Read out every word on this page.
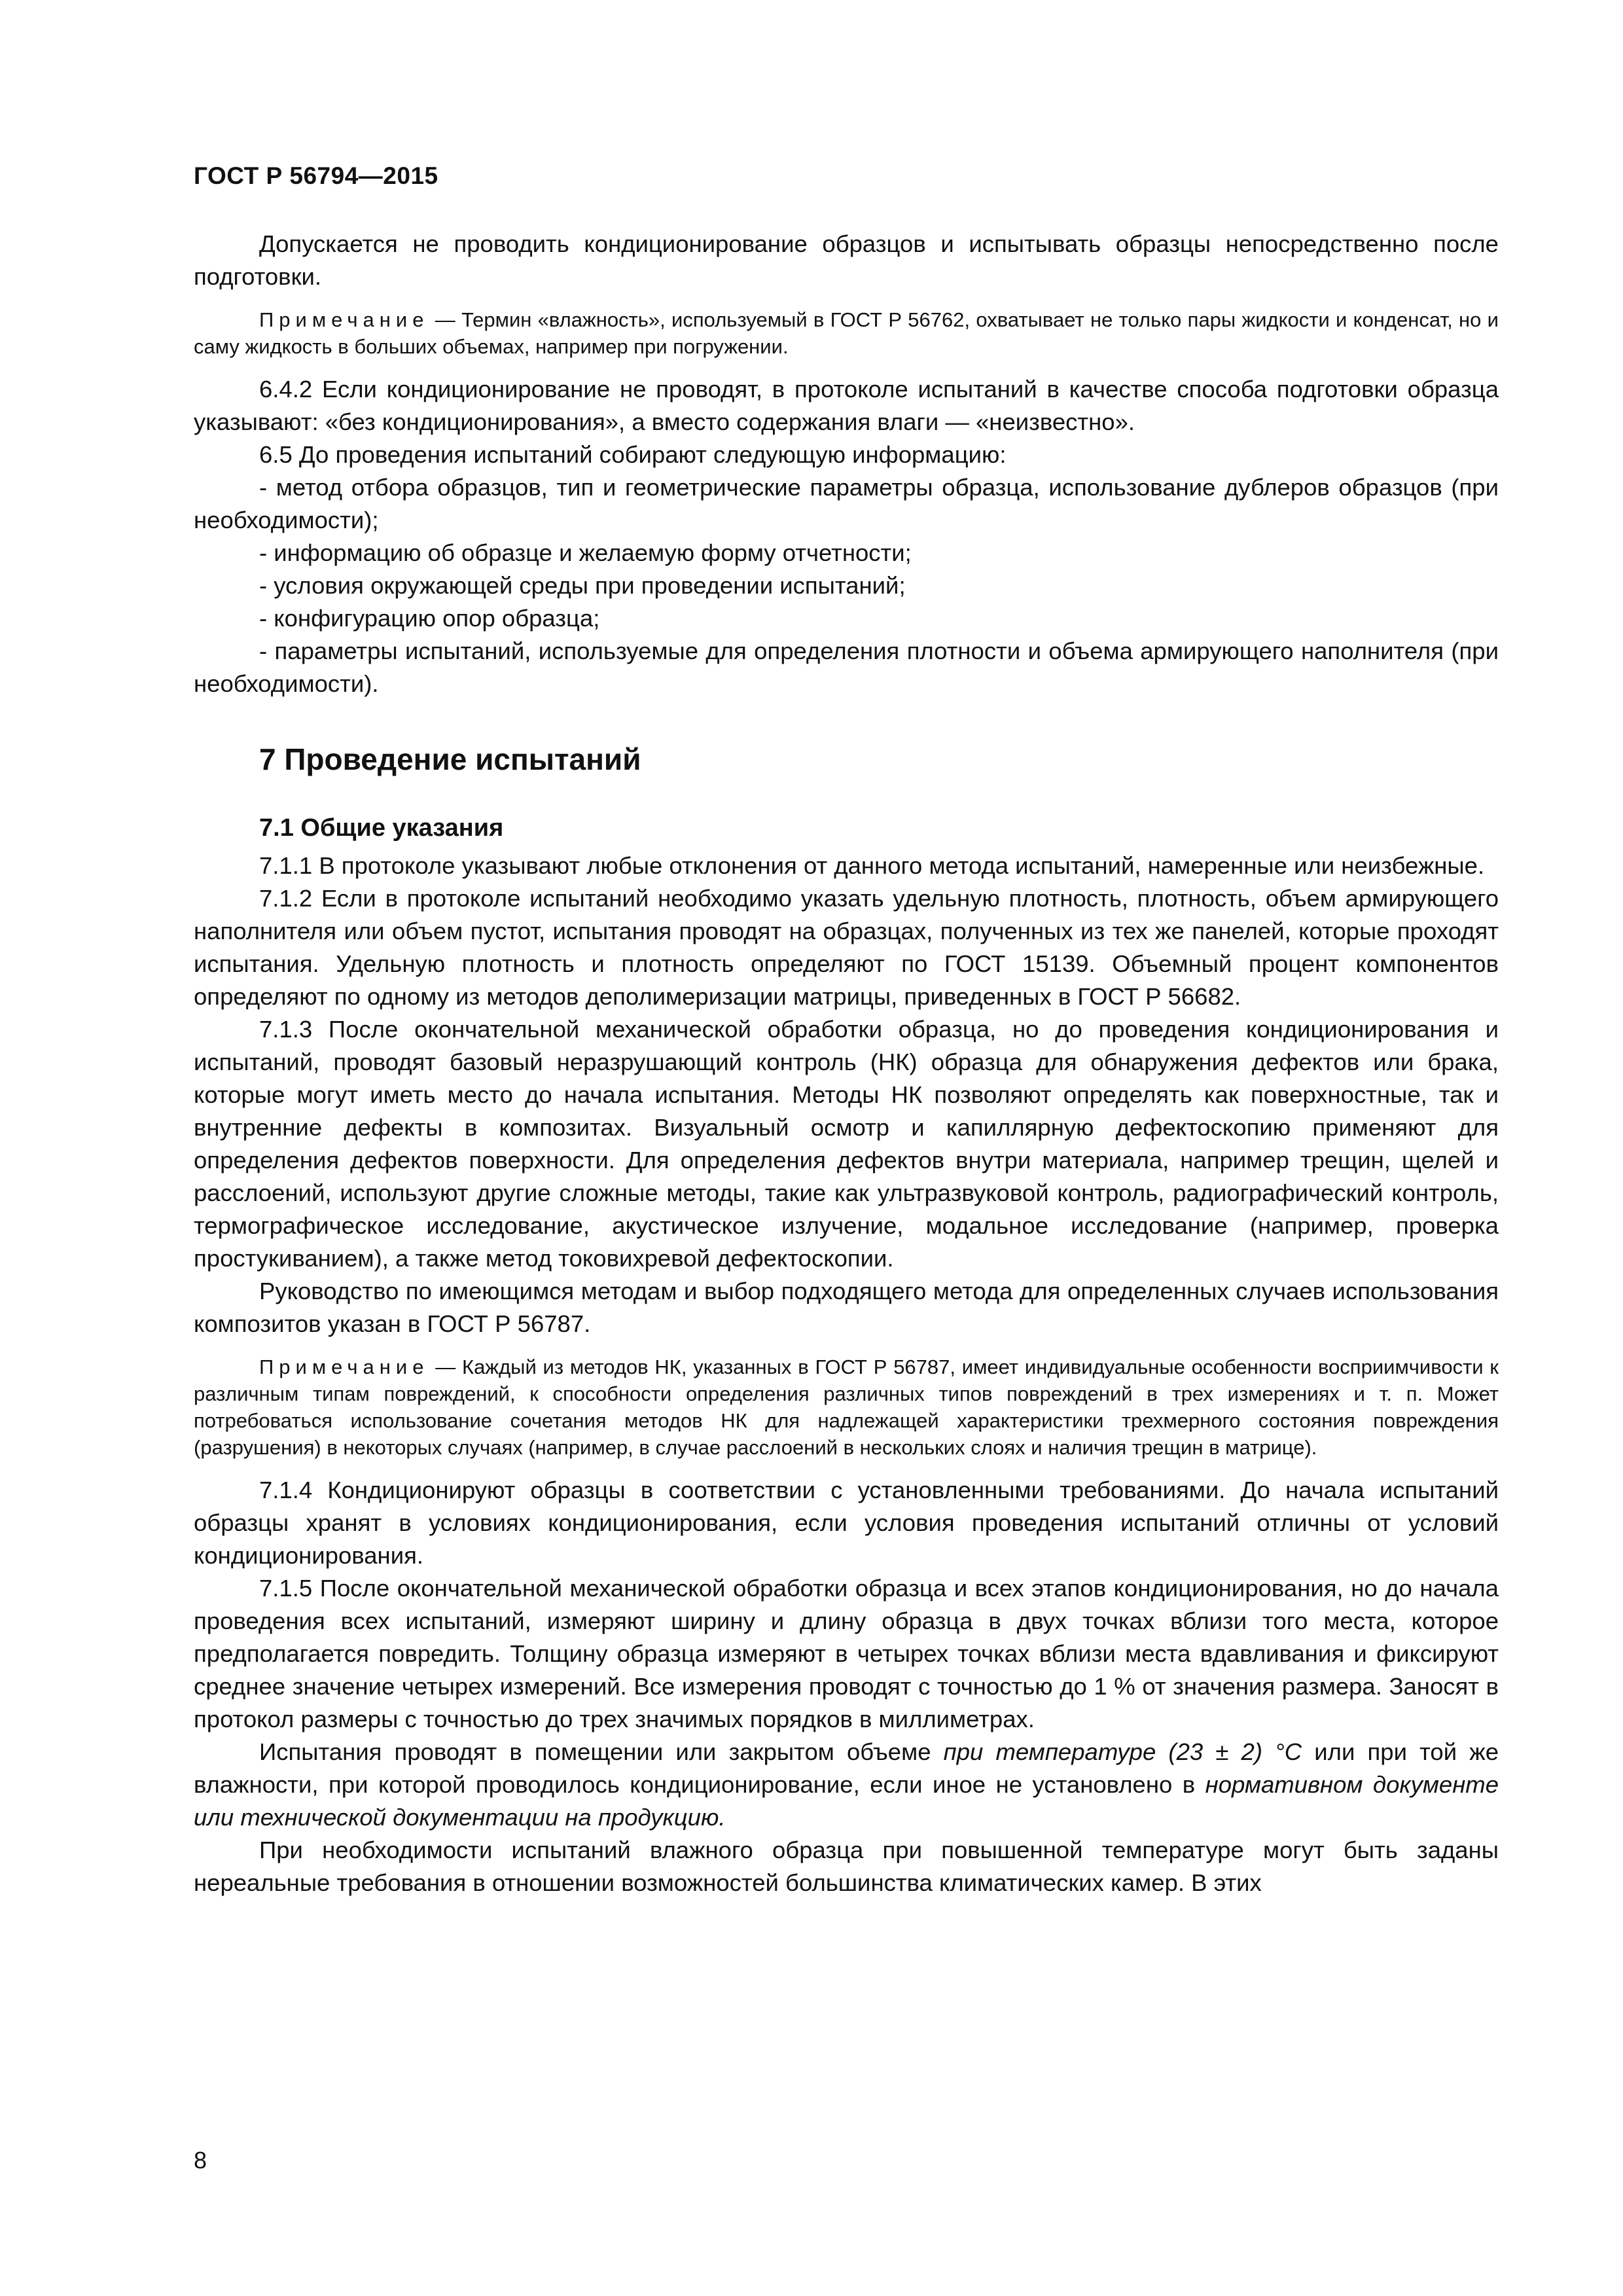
ГОСТ Р 56794—2015

Допускается не проводить кондиционирование образцов и испытывать образцы непосредственно после подготовки.

Примечание — Термин «влажность», используемый в ГОСТ Р 56762, охватывает не только пары жидкости и конденсат, но и саму жидкость в больших объемах, например при погружении.

6.4.2 Если кондиционирование не проводят, в протоколе испытаний в качестве способа подготовки образца указывают: «без кондиционирования», а вместо содержания влаги — «неизвестно».

6.5 До проведения испытаний собирают следующую информацию:

- метод отбора образцов, тип и геометрические параметры образца, использование дублеров образцов (при необходимости);

- информацию об образце и желаемую форму отчетности;

- условия окружающей среды при проведении испытаний;

- конфигурацию опор образца;

- параметры испытаний, используемые для определения плотности и объема армирующего наполнителя (при необходимости).

7 Проведение испытаний
7.1 Общие указания

7.1.1 В протоколе указывают любые отклонения от данного метода испытаний, намеренные или неизбежные.

7.1.2 Если в протоколе испытаний необходимо указать удельную плотность, плотность, объем армирующего наполнителя или объем пустот, испытания проводят на образцах, полученных из тех же панелей, которые проходят испытания. Удельную плотность и плотность определяют по ГОСТ 15139. Объемный процент компонентов определяют по одному из методов деполимеризации матрицы, приведенных в ГОСТ Р 56682.

7.1.3 После окончательной механической обработки образца, но до проведения кондиционирования и испытаний, проводят базовый неразрушающий контроль (НК) образца для обнаружения дефектов или брака, которые могут иметь место до начала испытания. Методы НК позволяют определять как поверхностные, так и внутренние дефекты в композитах. Визуальный осмотр и капиллярную дефектоскопию применяют для определения дефектов поверхности. Для определения дефектов внутри материала, например трещин, щелей и расслоений, используют другие сложные методы, такие как ультразвуковой контроль, радиографический контроль, термографическое исследование, акустическое излучение, модальное исследование (например, проверка простукиванием), а также метод токовихревой дефектоскопии.

Руководство по имеющимся методам и выбор подходящего метода для определенных случаев использования композитов указан в ГОСТ Р 56787.

Примечание — Каждый из методов НК, указанных в ГОСТ Р 56787, имеет индивидуальные особенности восприимчивости к различным типам повреждений, к способности определения различных типов повреждений в трех измерениях и т. п. Может потребоваться использование сочетания методов НК для надлежащей характеристики трехмерного состояния повреждения (разрушения) в некоторых случаях (например, в случае расслоений в нескольких слоях и наличия трещин в матрице).

7.1.4 Кондиционируют образцы в соответствии с установленными требованиями. До начала испытаний образцы хранят в условиях кондиционирования, если условия проведения испытаний отличны от условий кондиционирования.

7.1.5 После окончательной механической обработки образца и всех этапов кондиционирования, но до начала проведения всех испытаний, измеряют ширину и длину образца в двух точках вблизи того места, которое предполагается повредить. Толщину образца измеряют в четырех точках вблизи места вдавливания и фиксируют среднее значение четырех измерений. Все измерения проводят с точностью до 1 % от значения размера. Заносят в протокол размеры с точностью до трех значимых порядков в миллиметрах.

Испытания проводят в помещении или закрытом объеме при температуре (23 ± 2) °C или при той же влажности, при которой проводилось кондиционирование, если иное не установлено в нормативном документе или технической документации на продукцию.

При необходимости испытаний влажного образца при повышенной температуре могут быть заданы нереальные требования в отношении возможностей большинства климатических камер. В этих

8
